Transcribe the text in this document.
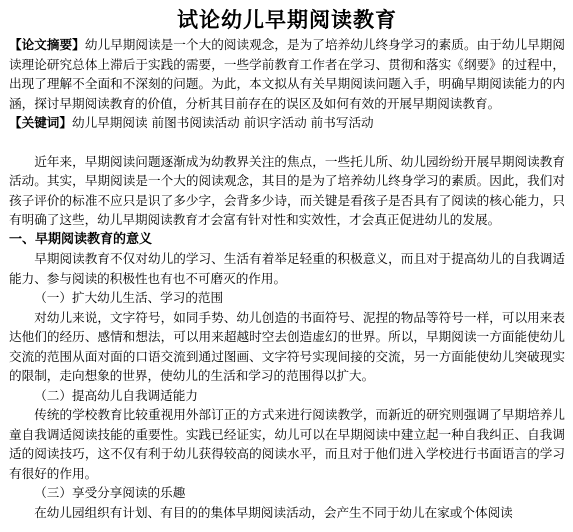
试论幼儿早期阅读教育

【论文摘要】幼儿早期阅读是一个大的阅读观念，是为了培养幼儿终身学习的素质。由于幼儿早期阅读理论研究总体上滞后于实践的需要，一些学前教育工作者在学习、贯彻和落实《纲要》的过程中，出现了理解不全面和不深刻的问题。为此，本文拟从有关早期阅读问题入手，明确早期阅读能力的内涵，探讨早期阅读教育的价值，分析其目前存在的误区及如何有效的开展早期阅读教育。

【关键词】幼儿早期阅读 前图书阅读活动 前识字活动 前书写活动

近年来，早期阅读问题逐渐成为幼教界关注的焦点，一些托儿所、幼儿园纷纷开展早期阅读教育活动。其实，早期阅读是一个大的阅读观念，其目的是为了培养幼儿终身学习的素质。因此，我们对孩子评价的标准不应只是识了多少字，会背多少诗，而关键是看孩子是否具有了阅读的核心能力，只有明确了这些，幼儿早期阅读教育才会富有针对性和实效性，才会真正促进幼儿的发展。

一、早期阅读教育的意义

早期阅读教育不仅对幼儿的学习、生活有着举足轻重的积极意义，而且对于提高幼儿的自我调适能力、参与阅读的积极性也有也不可磨灭的作用。

（一）扩大幼儿生活、学习的范围

对幼儿来说，文字符号，如同手势、幼儿创造的书面符号、泥捏的物品等符号一样，可以用来表达他们的经历、感情和想法，可以用来超越时空去创造虚幻的世界。所以，早期阅读一方面能使幼儿交流的范围从面对面的口语交流到通过图画、文字符号实现间接的交流，另一方面能使幼儿突破现实的限制，走向想象的世界，使幼儿的生活和学习的范围得以扩大。

（二）提高幼儿自我调适能力

传统的学校教育比较重视用外部订正的方式来进行阅读教学，而新近的研究则强调了早期培养儿童自我调适阅读技能的重要性。实践已经证实，幼儿可以在早期阅读中建立起一种自我纠正、自我调适的阅读技巧，这不仅有利于幼儿获得较高的阅读水平，而且对于他们进入学校进行书面语言的学习有很好的作用。

（三）享受分享阅读的乐趣

在幼儿园组织有计划、有目的的集体早期阅读活动，会产生不同于幼儿在家或个体阅读
